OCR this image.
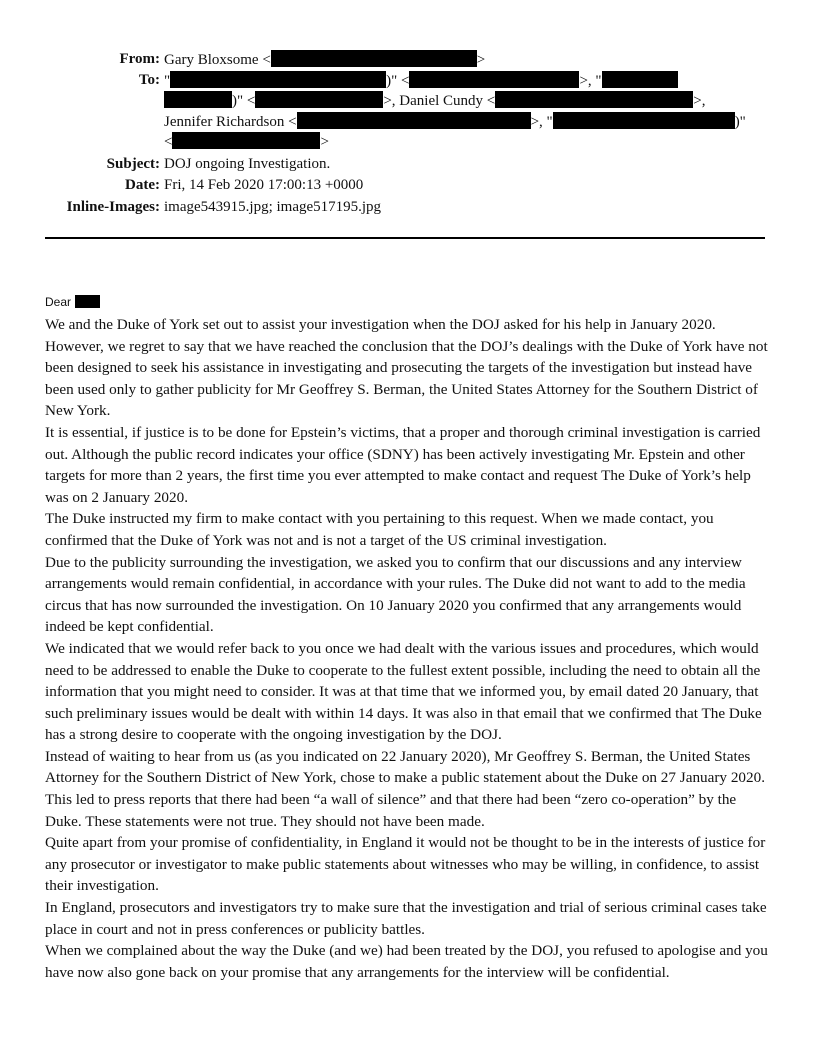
From: Gary Bloxsome <	>
To: "	)" <	>, "
)" <	>, Daniel Cundy <	>,
Jennifer Richardson <	>, "	)"
<	>
Subject: DOJ ongoing Investigation.
Date: Fri, 14 Feb 2020 17:00:13 +0000
Inline-Images: image543915.jpg; image517195.jpg
Dear

We and the Duke of York set out to assist your investigation when the DOJ asked for his help in January 2020. However, we regret to say that we have reached the conclusion that the DOJ’s dealings with the Duke of York have not been designed to seek his assistance in investigating and prosecuting the targets of the investigation but instead have been used only to gather publicity for Mr Geoffrey S. Berman, the United States Attorney for the Southern District of New York.

It is essential, if justice is to be done for Epstein’s victims, that a proper and thorough criminal investigation is carried out. Although the public record indicates your office (SDNY) has been actively investigating Mr. Epstein and other targets for more than 2 years, the first time you ever attempted to make contact and request The Duke of York’s help was on 2 January 2020.

The Duke instructed my firm to make contact with you pertaining to this request. When we made contact, you confirmed that the Duke of York was not and is not a target of the US criminal investigation.

Due to the publicity surrounding the investigation, we asked you to confirm that our discussions and any interview arrangements would remain confidential, in accordance with your rules. The Duke did not want to add to the media circus that has now surrounded the investigation. On 10 January 2020 you confirmed that any arrangements would indeed be kept confidential.

We indicated that we would refer back to you once we had dealt with the various issues and procedures, which would need to be addressed to enable the Duke to cooperate to the fullest extent possible, including the need to obtain all the information that you might need to consider. It was at that time that we informed you, by email dated 20 January, that such preliminary issues would be dealt with within 14 days. It was also in that email that we confirmed that The Duke has a strong desire to cooperate with the ongoing investigation by the DOJ.

Instead of waiting to hear from us (as you indicated on 22 January 2020), Mr Geoffrey S. Berman, the United States Attorney for the Southern District of New York, chose to make a public statement about the Duke on 27 January 2020. This led to press reports that there had been “a wall of silence” and that there had been “zero co-operation” by the Duke. These statements were not true. They should not have been made.

Quite apart from your promise of confidentiality, in England it would not be thought to be in the interests of justice for any prosecutor or investigator to make public statements about witnesses who may be willing, in confidence, to assist their investigation.

In England, prosecutors and investigators try to make sure that the investigation and trial of serious criminal cases take place in court and not in press conferences or publicity battles.

When we complained about the way the Duke (and we) had been treated by the DOJ, you refused to apologise and you have now also gone back on your promise that any arrangements for the interview will be confidential.
